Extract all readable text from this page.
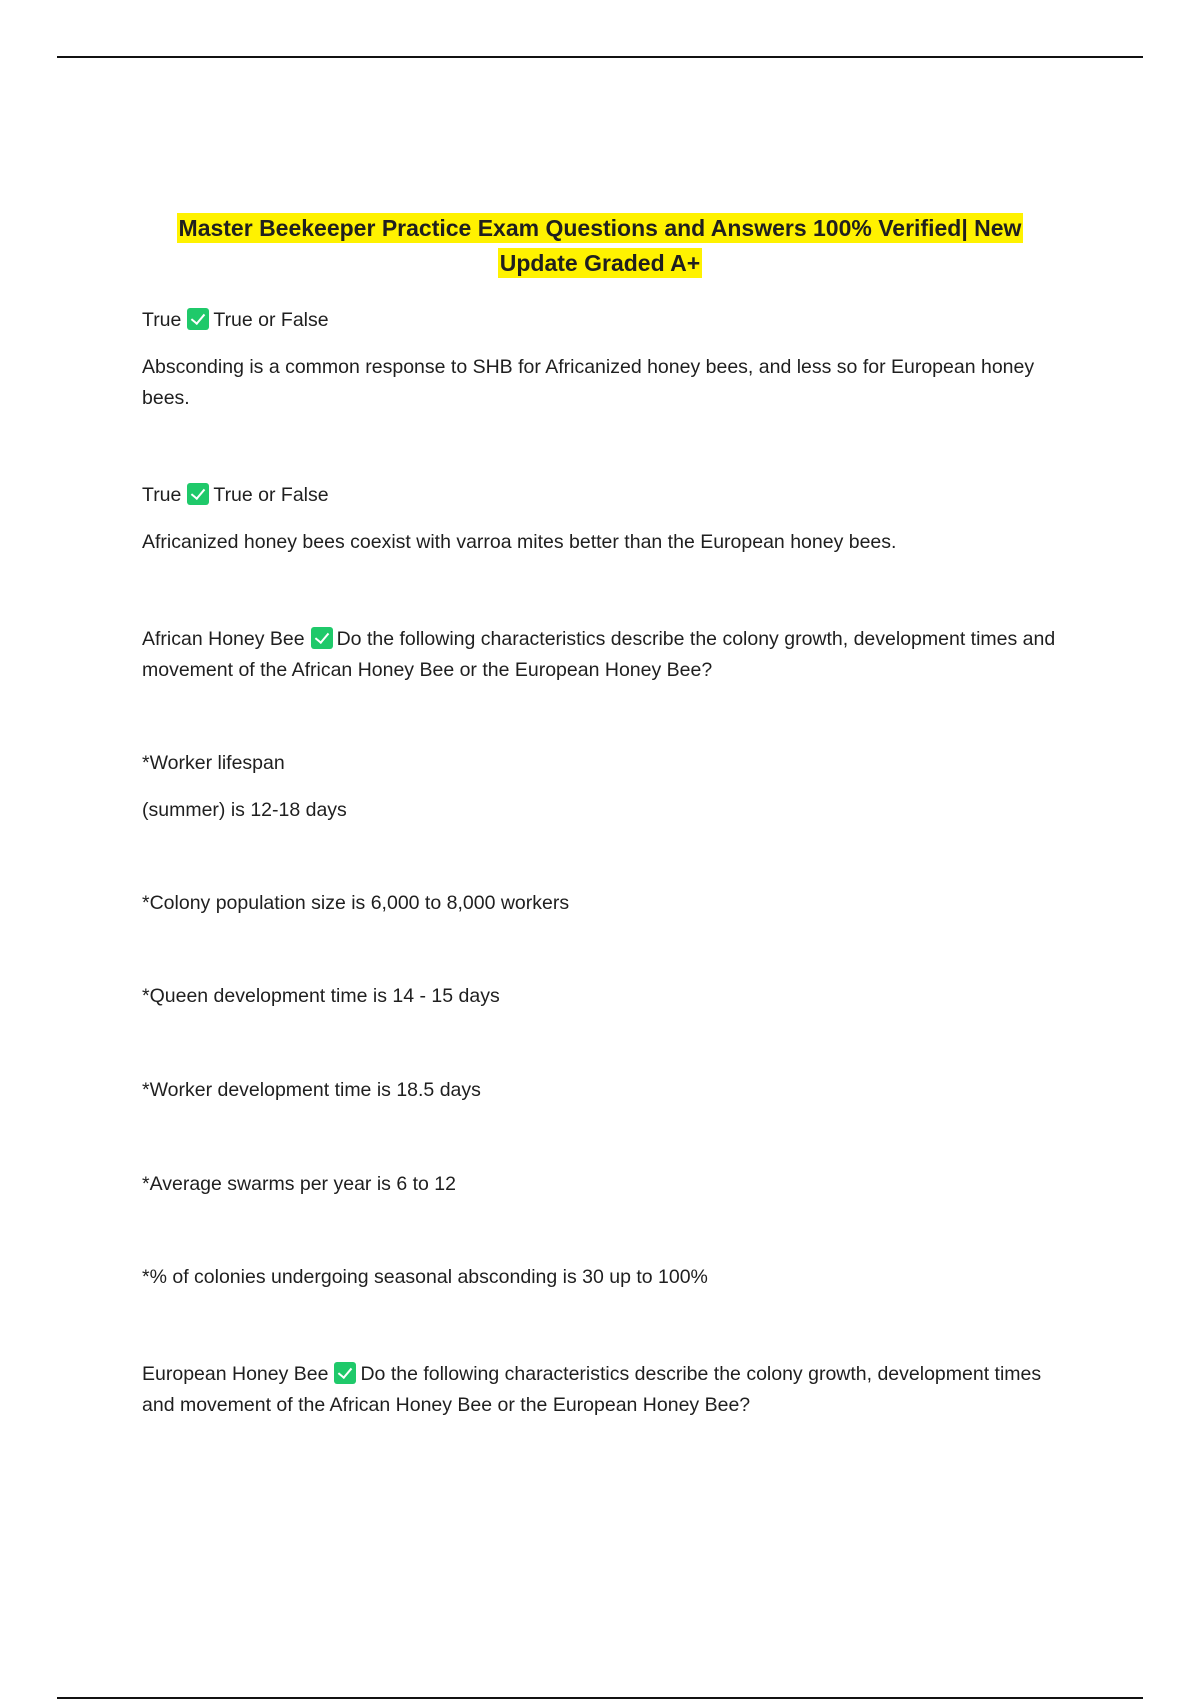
Master Beekeeper Practice Exam Questions and Answers 100% Verified| New Update Graded A+
True True or False
Absconding is a common response to SHB for Africanized honey bees, and less so for European honey bees.
True True or False
Africanized honey bees coexist with varroa mites better than the European honey bees.
African Honey Bee Do the following characteristics describe the colony growth, development times and movement of the African Honey Bee or the European Honey Bee?
*Worker lifespan
(summer) is 12-18 days
*Colony population size is 6,000 to 8,000 workers
*Queen development time is 14 - 15 days
*Worker development time is 18.5 days
*Average swarms per year is 6 to 12
*% of colonies undergoing seasonal absconding is 30 up to 100%
European Honey Bee Do the following characteristics describe the colony growth, development times and movement of the African Honey Bee or the European Honey Bee?
